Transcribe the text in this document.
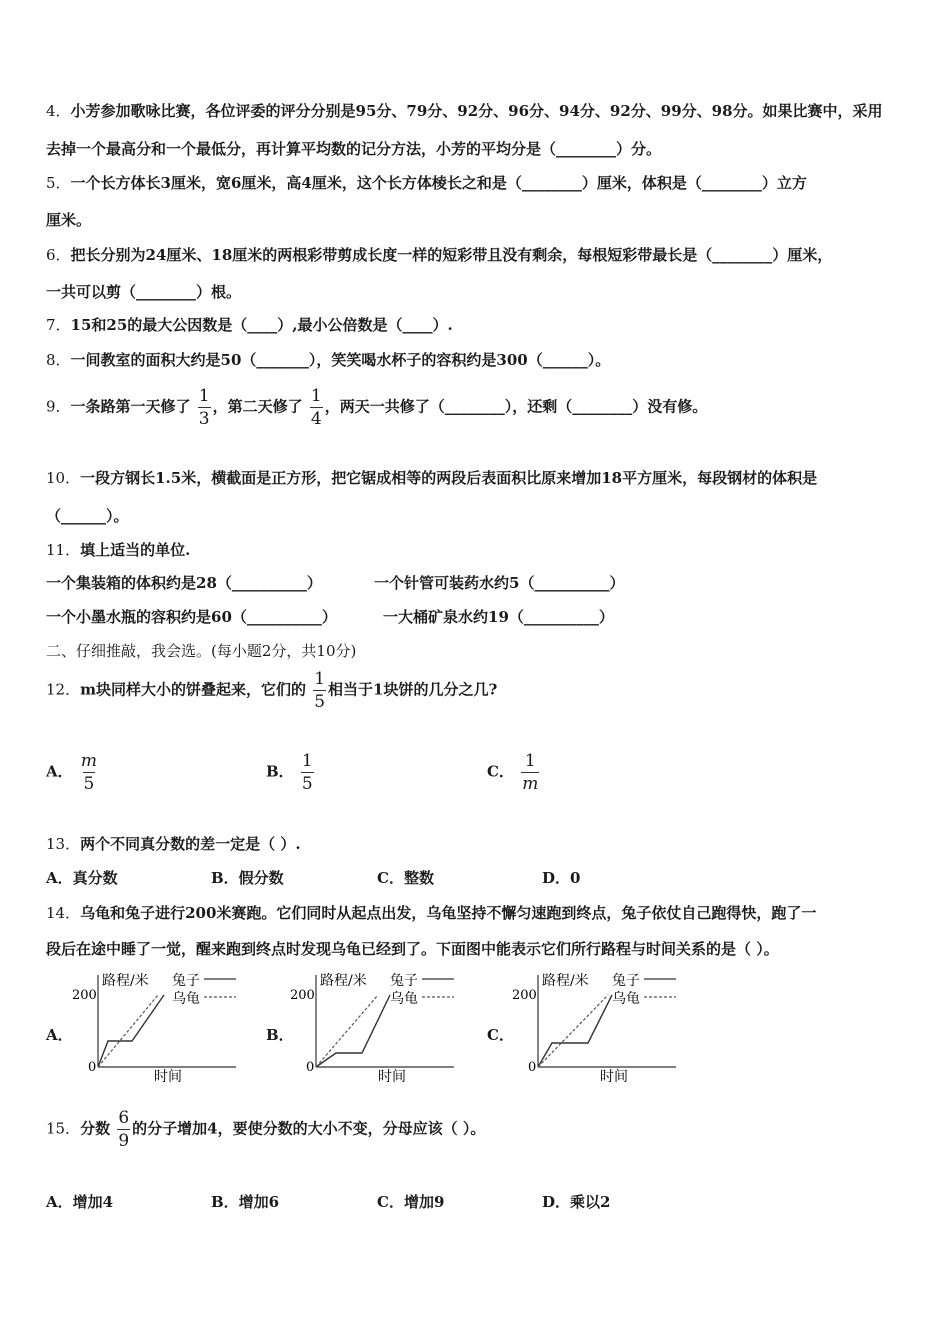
4．小芳参加歌咏比赛，各位评委的评分分别是95分、79分、92分、96分、94分、92分、99分、98分。如果比赛中，采用
去掉一个最高分和一个最低分，再计算平均数的记分方法，小芳的平均分是（________）分。
5．一个长方体长3厘米，宽6厘米，高4厘米，这个长方体棱长之和是（________）厘米，体积是（________）立方
厘米。
6．把长分别为24厘米、18厘米的两根彩带剪成长度一样的短彩带且没有剩余，每根短彩带最长是（________）厘米，
一共可以剪（________）根。
7．15和25的最大公因数是（____）,最小公倍数是（____）.
8．一间教室的面积大约是50（_______），笑笑喝水杯子的容积约是300（______）。
9．一条路第一天修了 $\frac{1}{3}$ ，第二天修了 $\frac{1}{4}$ ，两天一共修了（________），还剩（________）没有修。
10．一段方钢长1.5米，横截面是正方形，把它锯成相等的两段后表面积比原来增加18平方厘米，每段钢材的体积是
（______）。
11．填上适当的单位.
一个集装箱的体积约是28（__________）	一个针管可装药水约5（__________）
一个小墨水瓶的容积约是60（__________）	一大桶矿泉水约19（__________）
二、仔细推敲，我会选。(每小题2分，共10分)
12．m块同样大小的饼叠起来，它们的 $\frac{1}{5}$ 相当于1块饼的几分之几?
A． $\frac{m}{5}$	B． $\frac{1}{5}$	C． $\frac{1}{m}$
13．两个不同真分数的差一定是（ ）.
A．真分数	B．假分数	C．整数	D．0
14．乌龟和兔子进行200米赛跑。它们同时从起点出发，乌龟坚持不懈匀速跑到终点，兔子依仗自己跑得快，跑了一
段后在途中睡了一觉，醒来跑到终点时发现乌龟已经到了。下面图中能表示它们所行路程与时间关系的是（ ）。
A．	B．	C．
路程/米
200
0
时间
兔子
乌龟
路程/米
200
0
时间
兔子
乌龟
路程/米
200
0
时间
兔子
乌龟
15．分数 $\frac{6}{9}$ 的分子增加4，要使分数的大小不变，分母应该（ ）。
A．增加4	B．增加6	C．增加9	D．乘以2
